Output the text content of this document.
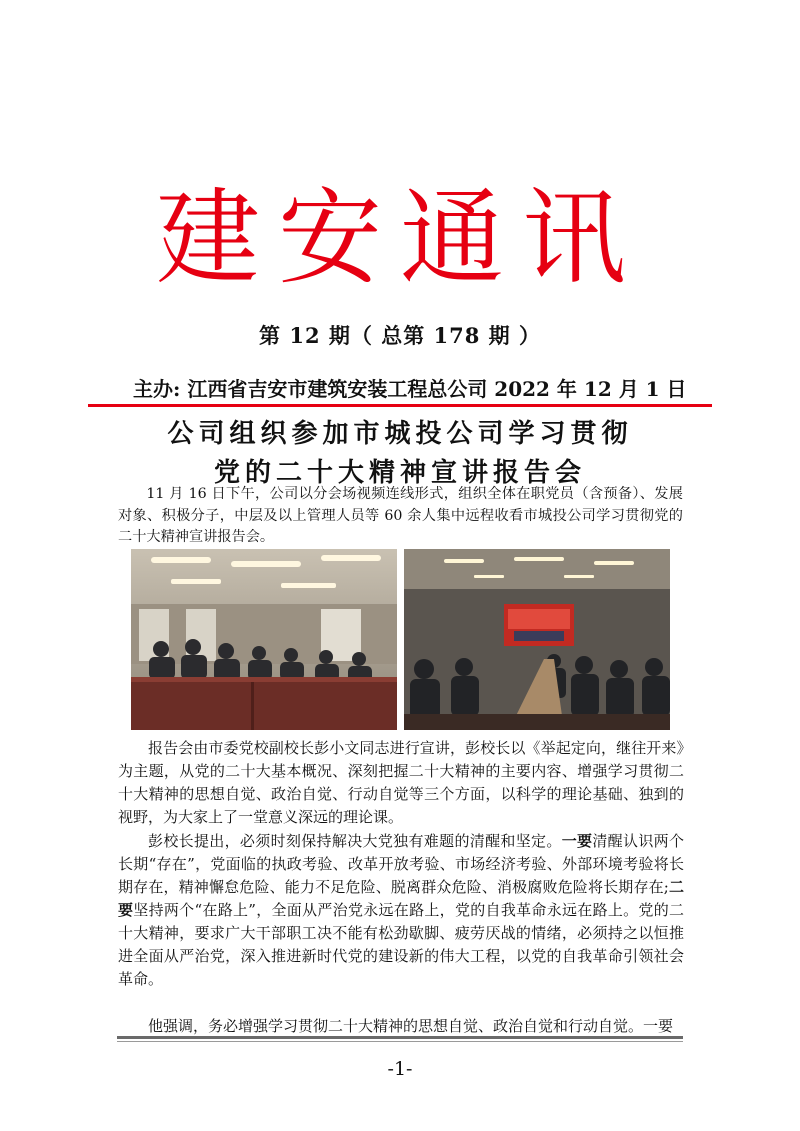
建安通讯
第 12 期（ 总第 178 期 ）
主办: 江西省吉安市建筑安装工程总公司 2022 年 12 月 1 日
公司组织参加市城投公司学习贯彻
党的二十大精神宣讲报告会

11 月 16 日下午，公司以分会场视频连线形式，组织全体在职党员（含预备）、发展对象、积极分子，中层及以上管理人员等 60 余人集中远程收看市城投公司学习贯彻党的二十大精神宣讲报告会。

报告会由市委党校副校长彭小文同志进行宣讲，彭校长以《举起定向，继往开来》为主题，从党的二十大基本概况、深刻把握二十大精神的主要内容、增强学习贯彻二十大精神的思想自觉、政治自觉、行动自觉等三个方面，以科学的理论基础、独到的视野，为大家上了一堂意义深远的理论课。

彭校长提出，必须时刻保持解决大党独有难题的清醒和坚定。一要清醒认识两个长期“存在”，党面临的执政考验、改革开放考验、市场经济考验、外部环境考验将长期存在，精神懈怠危险、能力不足危险、脱离群众危险、消极腐败危险将长期存在;二要坚持两个“在路上”，全面从严治党永远在路上，党的自我革命永远在路上。党的二十大精神，要求广大干部职工决不能有松劲歇脚、疲劳厌战的情绪，必须持之以恒推进全面从严治党，深入推进新时代党的建设新的伟大工程，以党的自我革命引领社会革命。

他强调，务必增强学习贯彻二十大精神的思想自觉、政治自觉和行动自觉。一要

-1-
